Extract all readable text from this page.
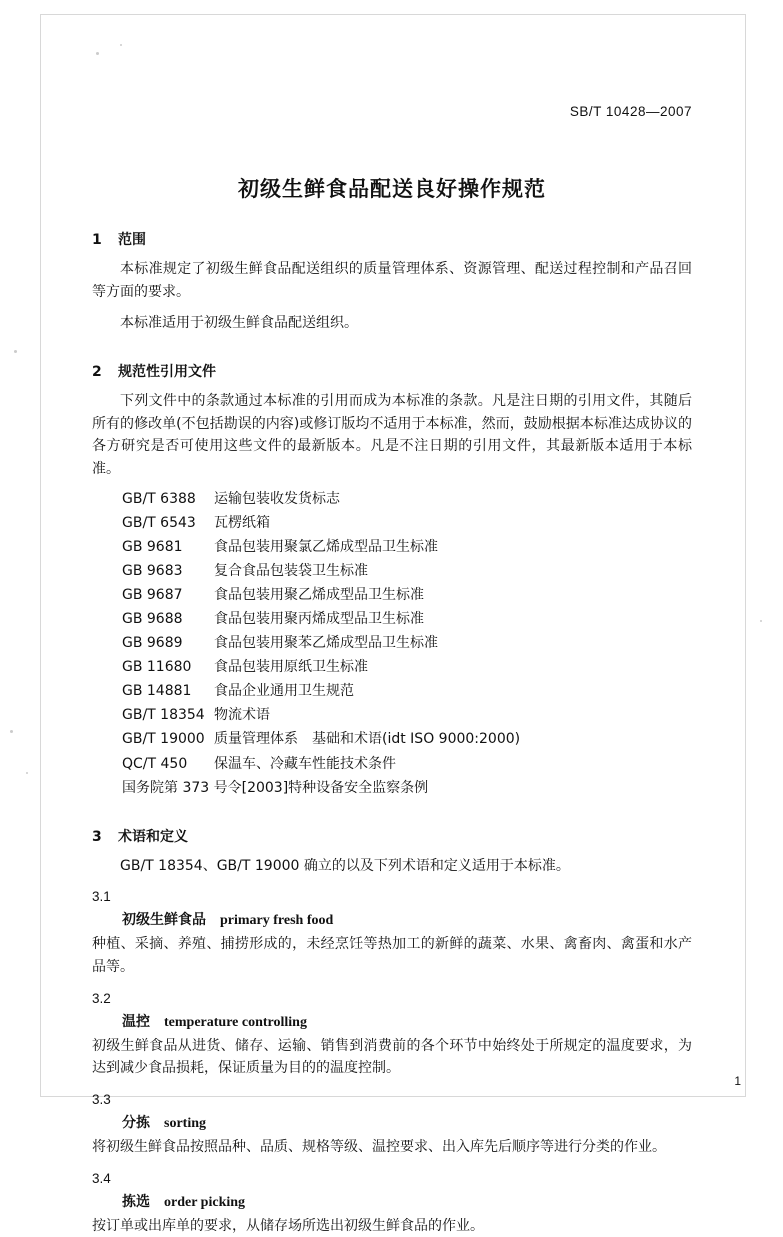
SB/T 10428—2007
初级生鲜食品配送良好操作规范
1 范围
本标准规定了初级生鲜食品配送组织的质量管理体系、资源管理、配送过程控制和产品召回等方面的要求。
本标准适用于初级生鲜食品配送组织。
2 规范性引用文件
下列文件中的条款通过本标准的引用而成为本标准的条款。凡是注日期的引用文件，其随后所有的修改单(不包括勘误的内容)或修订版均不适用于本标准，然而，鼓励根据本标准达成协议的各方研究是否可使用这些文件的最新版本。凡是不注日期的引用文件，其最新版本适用于本标准。
GB/T 6388 运输包装收发货标志
GB/T 6543 瓦楞纸箱
GB 9681 食品包装用聚氯乙烯成型品卫生标准
GB 9683 复合食品包装袋卫生标准
GB 9687 食品包装用聚乙烯成型品卫生标准
GB 9688 食品包装用聚丙烯成型品卫生标准
GB 9689 食品包装用聚苯乙烯成型品卫生标准
GB 11680 食品包装用原纸卫生标准
GB 14881 食品企业通用卫生规范
GB/T 18354 物流术语
GB/T 19000 质量管理体系　基础和术语(idt ISO 9000:2000)
QC/T 450 保温车、冷藏车性能技术条件
国务院第 373 号令[2003]特种设备安全监察条例
3 术语和定义
GB/T 18354、GB/T 19000 确立的以及下列术语和定义适用于本标准。
3.1
初级生鲜食品 primary fresh food
种植、采摘、养殖、捕捞形成的，未经烹饪等热加工的新鲜的蔬菜、水果、禽畜肉、禽蛋和水产品等。
3.2
温控 temperature controlling
初级生鲜食品从进货、储存、运输、销售到消费前的各个环节中始终处于所规定的温度要求，为达到减少食品损耗，保证质量为目的的温度控制。
3.3
分拣 sorting
将初级生鲜食品按照品种、品质、规格等级、温控要求、出入库先后顺序等进行分类的作业。
3.4
拣选 order picking
按订单或出库单的要求，从储存场所选出初级生鲜食品的作业。
1
